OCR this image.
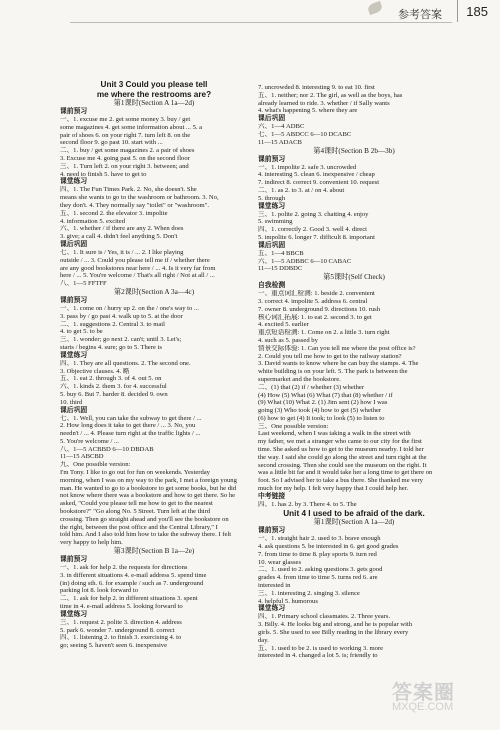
参考答案 185
Unit 3 Could you please tell
me where the restrooms are?
第1课时(Section A 1a—2d)
课前预习
一、1. excuse me 2. get some money 3. buy / get
some magazines 4. get some information about ... 5. a
pair of shoes 6. on your right 7. turn left 8. on the
second floor 9. go past 10. start with ...
二、1. buy / get some magazines 2. a pair of shoes
3. Excuse me 4. going past 5. on the second floor
三、1. Turn left 2. on your right 3. between; and
4. need to finish 5. have to get to
课堂练习
四、1. The Fun Times Park. 2. No, she doesn't. She
means she wants to go to the washroom or bathroom. 3. No,
they don't. 4. They normally say "toilet" or "washroom".
五、1. second 2. the elevator 3. impolite
4. information 5. excited
六、1. whether / if there are any 2. When does
3. give; a call 4. didn't feel anything 5. Don't
课后巩固
七、1. It sure is / Yes, it is / ... 2. I like playing
outside / ... 3. Could you please tell me if / whether there
are any good bookstores near here / ... 4. Is it very far from
here / ... 5. You're welcome / That's all right / Not at all / ...
八、1—5 FFTFF
第2课时(Section A 3a—4c)
课前预习
一、1. come on / hurry up 2. on the / one's way to ...
3. pass by / go past 4. walk up to 5. at the door
二、1. suggestions 2. Central 3. to mail
4. to get 5. to be
三、1. wonder; go next 2. can't; until 3. Let's;
starts / begins 4. sure; go to 5. There is
课堂练习
四、1. They are all questions. 2. The second one.
3. Objective clauses. 4. 略
五、1. eat 2. through 3. of 4. out 5. on
六、1. kinds 2. them 3. for 4. successful
5. buy 6. But 7. harder 8. decided 9. own
10. third
课后巩固
七、1. Well, you can take the subway to get there / ...
2. How long does it take to get there / ... 3. No, you
needn't / ... 4. Please turn right at the traffic lights / ...
5. You're welcome / ...
八、1—5 ACBBD 6—10 DBDAB
11—15 ABCBD
九、One possible version:
I'm Tony. I like to go out for fun on weekends. Yesterday
morning, when I was on my way to the park, I met a foreign young
man. He wanted to go to a bookstore to get some books, but he did
not know where there was a bookstore and how to get there. So he
asked, "Could you please tell me how to get to the nearest
bookstore?" "Go along No. 5 Street. Turn left at the third
crossing. Then go straight ahead and you'll see the bookstore on
the right, between the post office and the Central Library," I
told him. And I also told him how to take the subway there. I felt
very happy to help him.
第3课时(Section B 1a—2e)
课前预习
一、1. ask for help 2. the requests for directions
3. in different situations 4. e-mail address 5. spend time
(in) doing sth. 6. for example / such as 7. underground
parking lot 8. look forward to
二、1. ask for help 2. in different situations 3. spent
time in 4. e-mail address 5. looking forward to
课堂练习
三、1. request 2. polite 3. direction 4. address
5. park 6. wonder 7. underground 8. correct
四、1. listening 2. to finish 3. exercising 4. to
go; seeing 5. haven't seen 6. inexpensive
7. uncrowded 8. interesting 9. to eat 10. first
五、1. neither; nor 2. The girl, as well as the boys, has
already learned to ride. 3. whether / if Sally wants
4. what's happening 5. where they are
课后巩固
六、1—4 ADBC
七、1—5 ABDCC 6—10 DCABC
11—15 ADACB
第4课时(Section B 2b—3b)
课前预习
一、1. impolite 2. safe 3. uncrowded
4. interesting 5. clean 6. inexpensive / cheap
7. indirect 8. correct 9. convenient 10. request
二、1. as 2. to 3. at / on 4. about
5. through
课堂练习
三、1. polite 2. going 3. chatting 4. enjoy
5. swimming
四、1. correctly 2. Good 3. well 4. direct
5. impolite 6. longer 7. difficult 8. important
课后巩固
五、1—4 BBCB
六、1—5 ADBBC 6—10 CABAC
11—15 DDBDC
第5课时(Self Check)
自我检测
一、重点词汇检测: 1. beside 2. convenient
3. correct 4. impolite 5. address 6. central
7. owner 8. underground 9. directions 10. rush
核心词汇拓展: 1. to eat 2. second 3. to get
4. excited 5. earlier
重点短语检测: 1. Come on 2. a little 3. turn right
4. such as 5. passed by
情景交际体验: 1. Can you tell me where the post office is?
2. Could you tell me how to get to the railway station?
3. David wants to know where he can buy the stamps. 4. The
white building is on your left. 5. The park is between the
supermarket and the bookstore.
二、(1) that (2) if / whether (3) whether
(4) How (5) What (6) What (7) that (8) whether / if
(9) What (10) What 2. (1) Jim sent (2) how I was
going (3) Who took (4) how to get (5) whether
(6) how to get (4) It took; to look (5) to listen to
三、One possible version:
Last weekend, when I was taking a walk in the street with
my father, we met a stranger who came to our city for the first
time. She asked us how to get to the museum nearby. I told her
the way. I said she could go along the street and turn right at the
second crossing. Then she could see the museum on the right. It
was a little bit far and it would take her a long time to get there on
foot. So I advised her to take a bus there. She thanked me very
much for my help. I felt very happy that I could help her.
中考链接
四、1. has 2. by 3. There 4. to 5. The
Unit 4 I used to be afraid of the dark.
第1课时(Section A 1a—2d)
课前预习
一、1. straight hair 2. used to 3. brave enough
4. ask questions 5. be interested in 6. get good grades
7. from time to time 8. play sports 9. turn red
10. wear glasses
二、1. used to 2. asking questions 3. gets good
grades 4. from time to time 5. turns red 6. are
interested in
三、1. interesting 2. singing 3. silence
4. helpful 5. humorous
课堂练习
四、1. Primary school classmates. 2. Three years.
3. Billy. 4. He looks big and strong, and he is popular with
girls. 5. She used to see Billy reading in the library every
day.
五、1. used to be 2. is used to working 3. more
interested in 4. changed a lot 5. is; friendly to
答案圈
MXQE.COM
